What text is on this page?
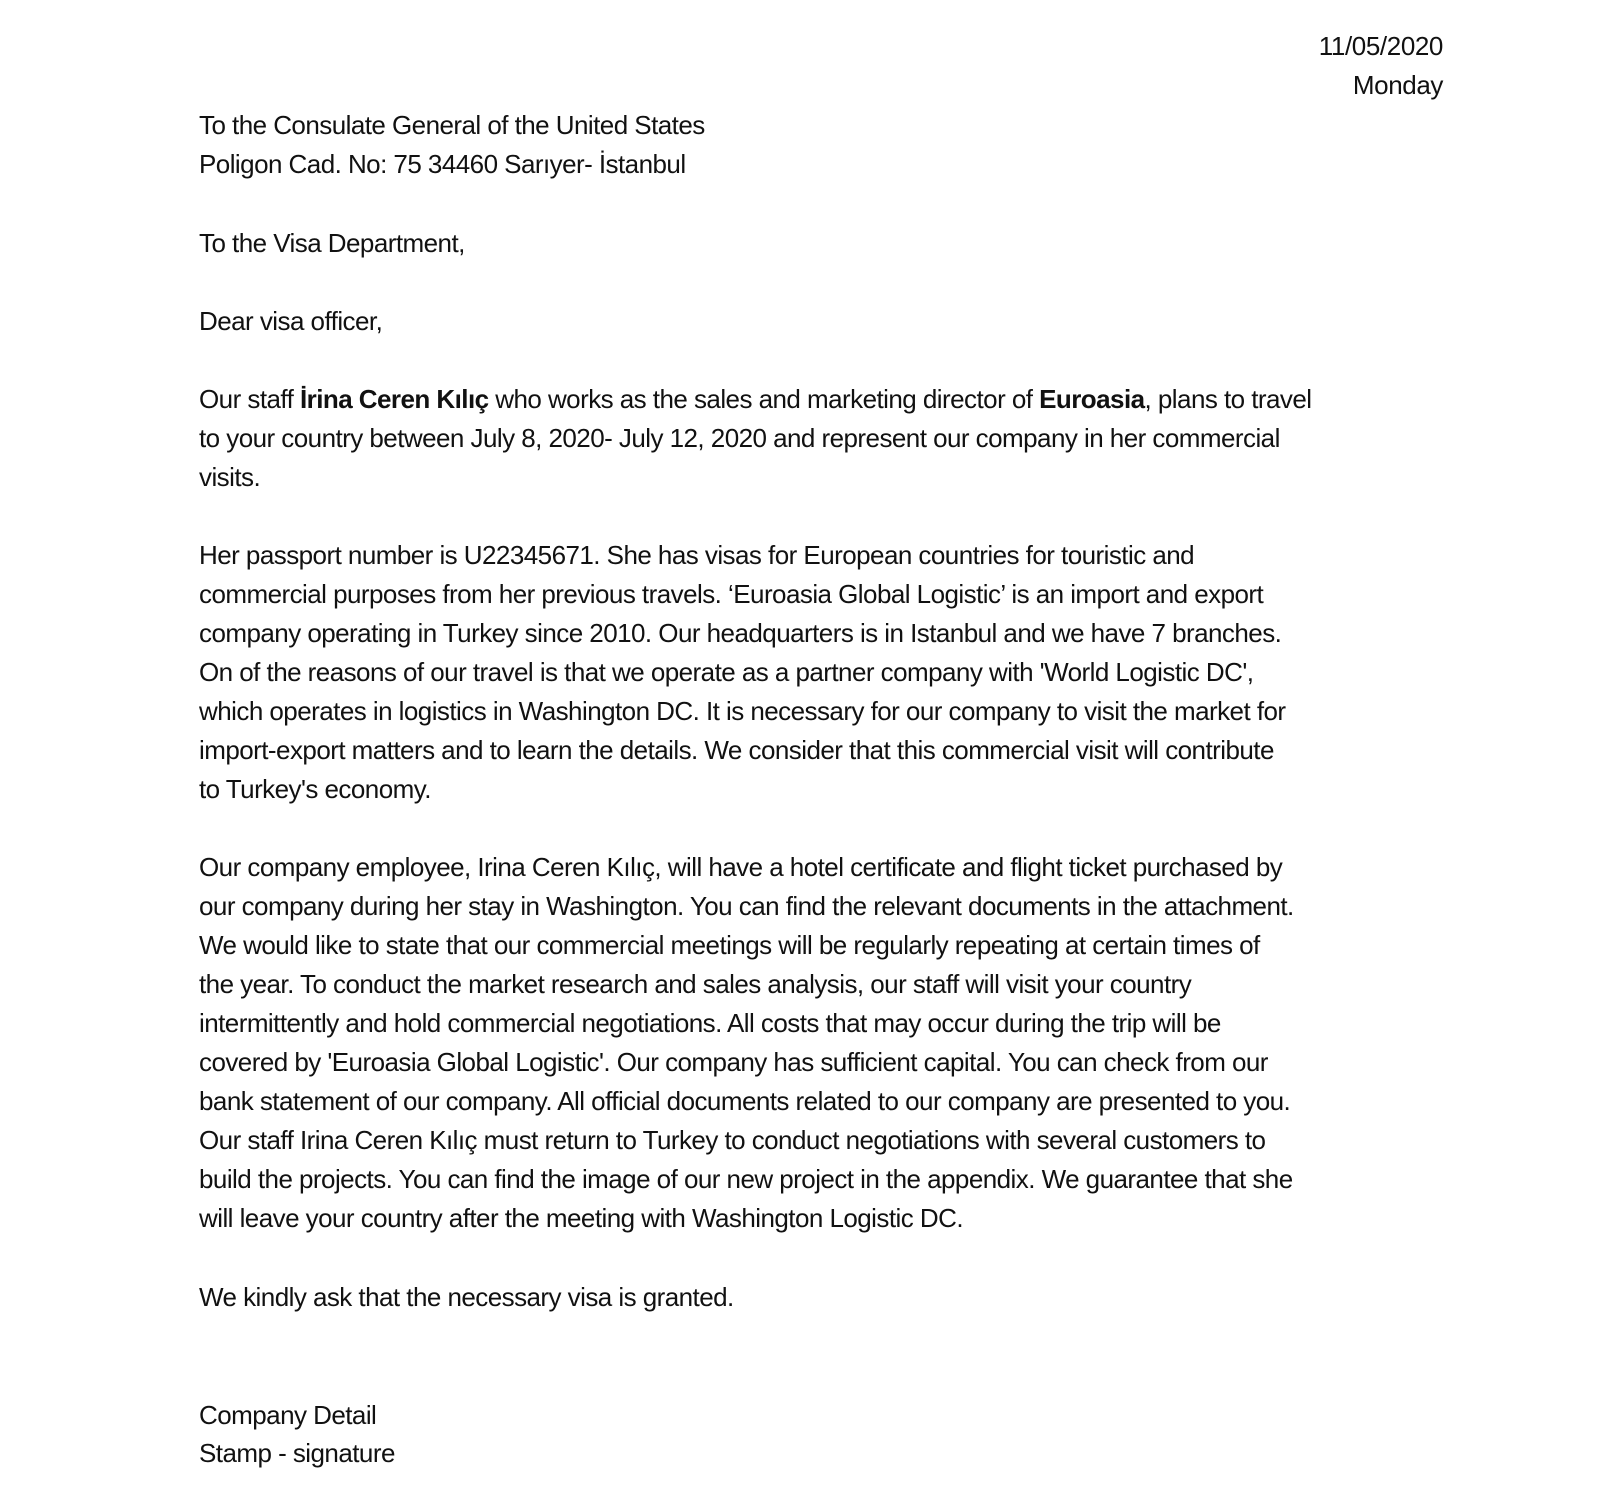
11/05/2020
Monday
To the Consulate General of the United States
Poligon Cad. No: 75 34460 Sarıyer- İstanbul
To the Visa Department,
Dear visa officer,
Our staff İrina Ceren Kılıç who works as the sales and marketing director of Euroasia, plans to travel
to your country between July 8, 2020- July 12, 2020 and represent our company in her commercial
visits.
Her passport number is U22345671. She has visas for European countries for touristic and
commercial purposes from her previous travels. ‘Euroasia Global Logistic’ is an import and export
company operating in Turkey since 2010. Our headquarters is in Istanbul and we have 7 branches.
On of the reasons of our travel is that we operate as a partner company with 'World Logistic DC',
which operates in logistics in Washington DC. It is necessary for our company to visit the market for
import-export matters and to learn the details. We consider that this commercial visit will contribute
to Turkey's economy.
Our company employee, Irina Ceren Kılıç, will have a hotel certificate and flight ticket purchased by
our company during her stay in Washington. You can find the relevant documents in the attachment.
We would like to state that our commercial meetings will be regularly repeating at certain times of
the year. To conduct the market research and sales analysis, our staff will visit your country
intermittently and hold commercial negotiations. All costs that may occur during the trip will be
covered by 'Euroasia Global Logistic'. Our company has sufficient capital. You can check from our
bank statement of our company. All official documents related to our company are presented to you.
Our staff Irina Ceren Kılıç must return to Turkey to conduct negotiations with several customers to
build the projects. You can find the image of our new project in the appendix. We guarantee that she
will leave your country after the meeting with Washington Logistic DC.
We kindly ask that the necessary visa is granted.
Company Detail
Stamp - signature
